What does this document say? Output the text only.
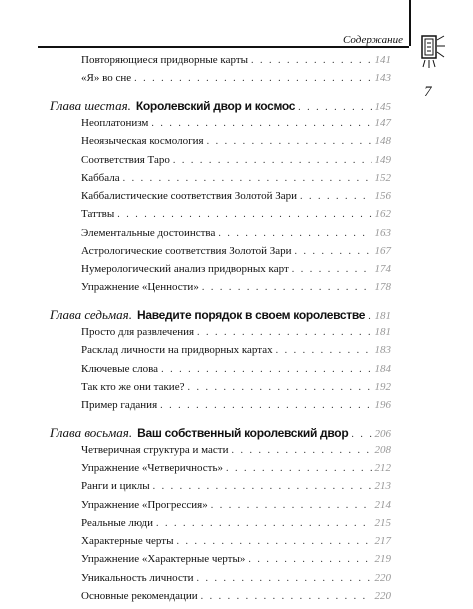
Содержание
7
Повторяющиеся придворные карты . . .	141
«Я» во сне . . .	143
Глава шестая. Королевский двор и космос . . .	145
Неоплатонизм . . .	147
Неоязыческая космология . . .	148
Соответствия Таро . . .	149
Каббала . . .	152
Каббалистические соответствия Золотой Зари . . .	156
Таттвы . . .	162
Элементальные достоинства . . .	163
Астрологические соответствия Золотой Зари . . .	167
Нумерологический анализ придворных карт . . .	174
Упражнение «Ценности» . . .	178
Глава седьмая. Наведите порядок в своем королевстве . . . 181
Просто для развлечения . . .	181
Расклад личности на придворных картах . . .	183
Ключевые слова . . .	184
Так кто же они такие? . . .	192
Пример гадания . . .	196
Глава восьмая. Ваш собственный королевский двор . . . 206
Четверичная структура и масти . . .	208
Упражнение «Четверичность» . . .	212
Ранги и циклы . . .	213
Упражнение «Прогрессия» . . .	214
Реальные люди . . .	215
Характерные черты . . .	217
Упражнение «Характерные черты» . . .	219
Уникальность личности . . .	220
Основные рекомендации . . .	220
